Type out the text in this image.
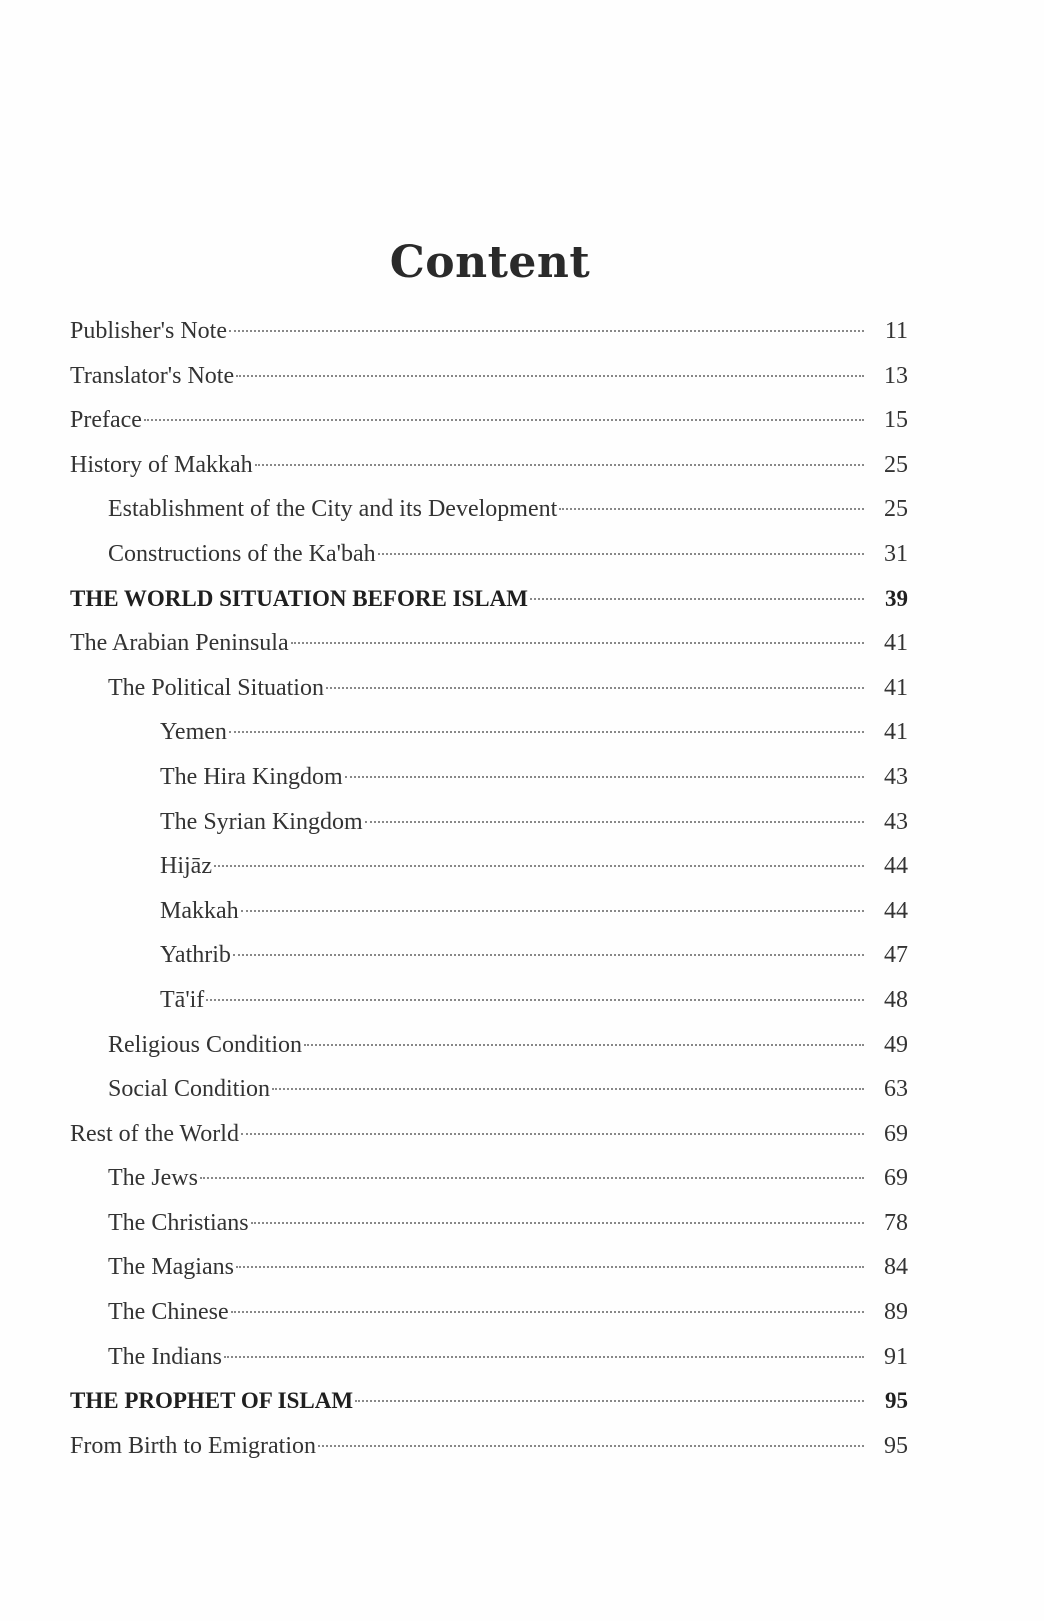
Content
Publisher's Note	11
Translator's Note	13
Preface	15
History of Makkah	25
Establishment of the City and its Development	25
Constructions of the Ka'bah	31
THE WORLD SITUATION BEFORE ISLAM	39
The Arabian Peninsula	41
The Political Situation	41
Yemen	41
The Hira Kingdom	43
The Syrian Kingdom	43
Hijāz	44
Makkah	44
Yathrib	47
Tā'if	48
Religious Condition	49
Social Condition	63
Rest of the World	69
The Jews	69
The Christians	78
The Magians	84
The Chinese	89
The Indians	91
THE PROPHET OF ISLAM	95
From Birth to Emigration	95
